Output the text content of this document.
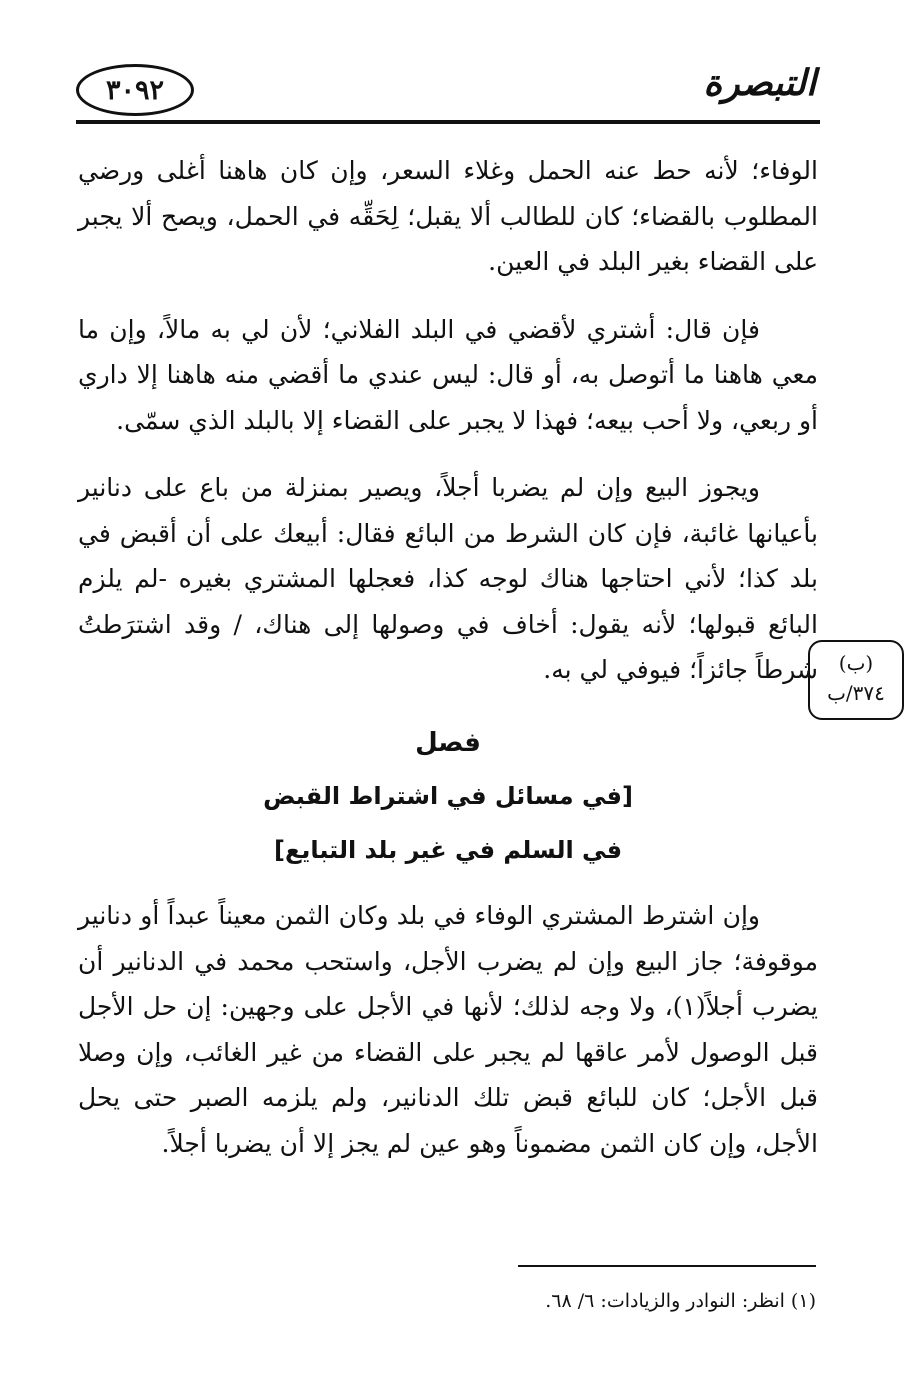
٣٠٩٢	التبصرة

الوفاء؛ لأنه حط عنه الحمل وغلاء السعر، وإن كان هاهنا أغلى ورضي المطلوب بالقضاء؛ كان للطالب ألا يقبل؛ لِحَقِّه في الحمل، ويصح ألا يجبر على القضاء بغير البلد في العين.

فإن قال: أشتري لأقضي في البلد الفلاني؛ لأن لي به مالاً، وإن ما معي هاهنا ما أتوصل به، أو قال: ليس عندي ما أقضي منه هاهنا إلا داري أو ربعي، ولا أحب بيعه؛ فهذا لا يجبر على القضاء إلا بالبلد الذي سمّى.

ويجوز البيع وإن لم يضربا أجلاً، ويصير بمنزلة من باع على دنانير بأعيانها غائبة، فإن كان الشرط من البائع فقال: أبيعك على أن أقبض في بلد كذا؛ لأني احتاجها هناك لوجه كذا، فعجلها المشتري بغيره -لم يلزم البائع قبولها؛ لأنه يقول: أخاف في وصولها إلى هناك، / وقد اشترَطتُ شرطاً جائزاً؛ فيوفي لي به.	(ب)
٣٧٤/ب
فصل
[في مسائل في اشتراط القبض
في السلم في غير بلد التبايع]

وإن اشترط المشتري الوفاء في بلد وكان الثمن معيناً عبداً أو دنانير موقوفة؛ جاز البيع وإن لم يضرب الأجل، واستحب محمد في الدنانير أن يضرب أجلاً(١)، ولا وجه لذلك؛ لأنها في الأجل على وجهين: إن حل الأجل قبل الوصول لأمر عاقها لم يجبر على القضاء من غير الغائب، وإن وصلا قبل الأجل؛ كان للبائع قبض تلك الدنانير، ولم يلزمه الصبر حتى يحل الأجل، وإن كان الثمن مضموناً وهو عين لم يجز إلا أن يضربا أجلاً.

(١) انظر: النوادر والزيادات: ٦/ ٦٨.
